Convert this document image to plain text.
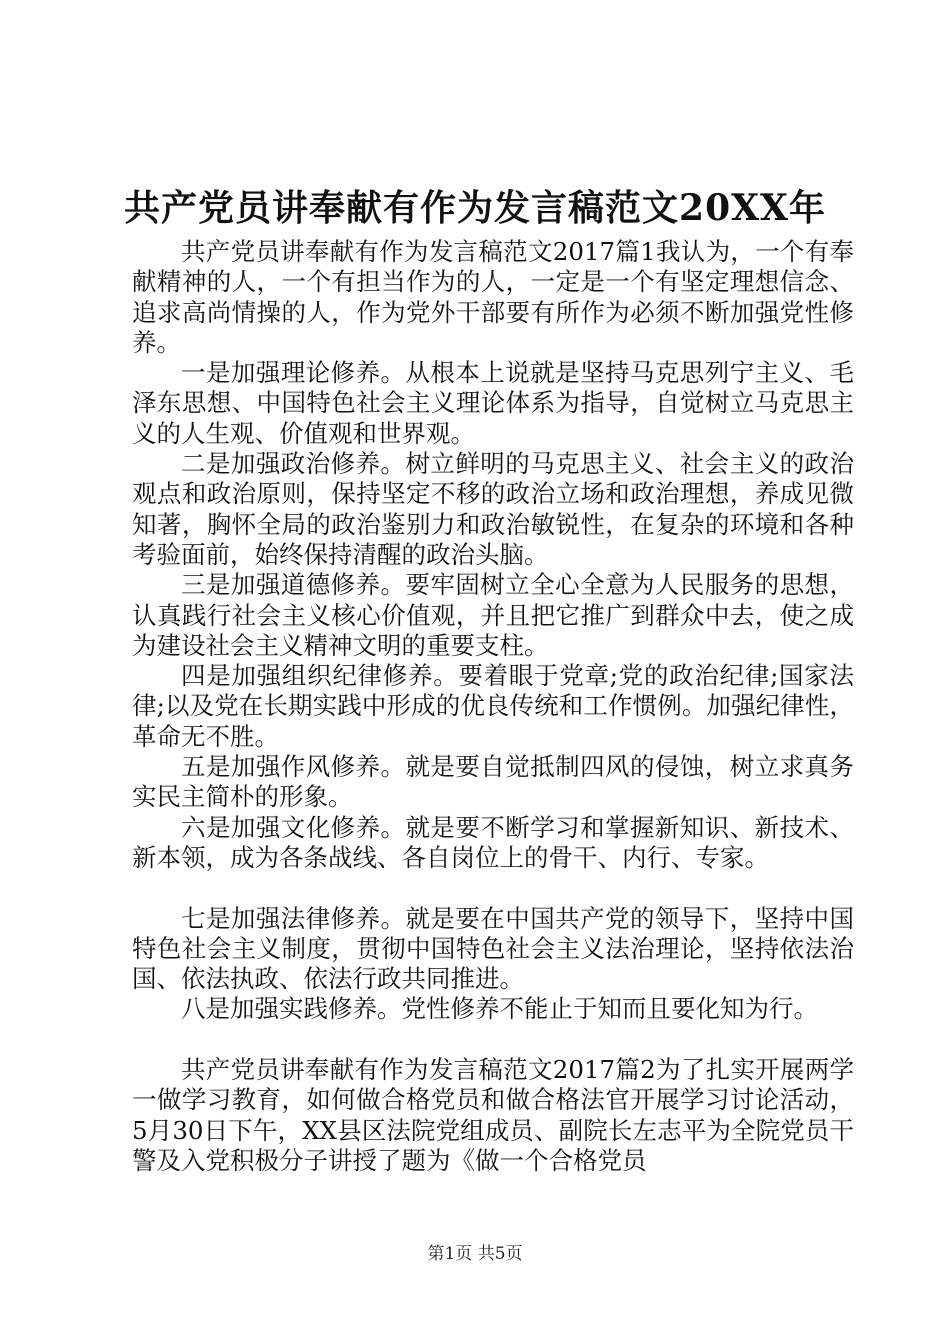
共产党员讲奉献有作为发言稿范文20XX年

共产党员讲奉献有作为发言稿范文2017篇1我认为，一个有奉献精神的人，一个有担当作为的人，一定是一个有坚定理想信念、追求高尚情操的人，作为党外干部要有所作为必须不断加强党性修养。

一是加强理论修养。从根本上说就是坚持马克思列宁主义、毛泽东思想、中国特色社会主义理论体系为指导，自觉树立马克思主义的人生观、价值观和世界观。

二是加强政治修养。树立鲜明的马克思主义、社会主义的政治观点和政治原则，保持坚定不移的政治立场和政治理想，养成见微知著，胸怀全局的政治鉴别力和政治敏锐性，在复杂的环境和各种考验面前，始终保持清醒的政治头脑。

三是加强道德修养。要牢固树立全心全意为人民服务的思想，认真践行社会主义核心价值观，并且把它推广到群众中去，使之成为建设社会主义精神文明的重要支柱。

四是加强组织纪律修养。要着眼于党章;党的政治纪律;国家法律;以及党在长期实践中形成的优良传统和工作惯例。加强纪律性，革命无不胜。

五是加强作风修养。就是要自觉抵制四风的侵蚀，树立求真务实民主简朴的形象。

六是加强文化修养。就是要不断学习和掌握新知识、新技术、新本领，成为各条战线、各自岗位上的骨干、内行、专家。

七是加强法律修养。就是要在中国共产党的领导下，坚持中国特色社会主义制度，贯彻中国特色社会主义法治理论，坚持依法治国、依法执政、依法行政共同推进。

八是加强实践修养。党性修养不能止于知而且要化知为行。

共产党员讲奉献有作为发言稿范文2017篇2为了扎实开展两学一做学习教育，如何做合格党员和做合格法官开展学习讨论活动，5月30日下午，XX县区法院党组成员、副院长左志平为全院党员干警及入党积极分子讲授了题为《做一个合格党员

第1页 共5页
